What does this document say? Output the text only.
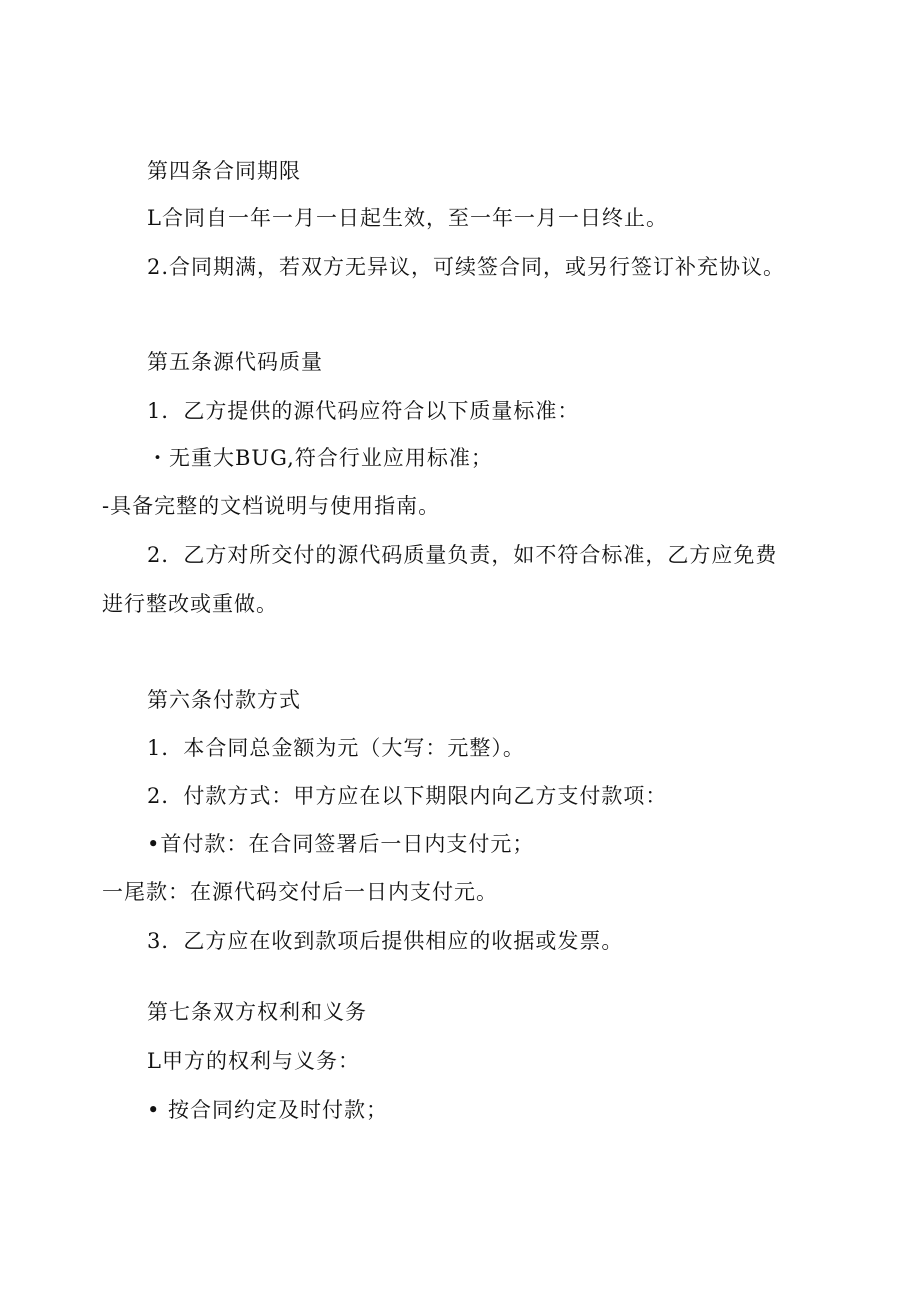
第四条合同期限
L合同自一年一月一日起生效，至一年一月一日终止。
2.合同期满，若双方无异议，可续签合同，或另行签订补充协议。
第五条源代码质量
1．乙方提供的源代码应符合以下质量标准：
・无重大BUG,符合行业应用标准；
-具备完整的文档说明与使用指南。
2．乙方对所交付的源代码质量负责，如不符合标准，乙方应免费
进行整改或重做。
第六条付款方式
1．本合同总金额为元（大写：元整）。
2．付款方式：甲方应在以下期限内向乙方支付款项：
•首付款：在合同签署后一日内支付元；
一尾款：在源代码交付后一日内支付元。
3．乙方应在收到款项后提供相应的收据或发票。
第七条双方权利和义务
L甲方的权利与义务：
• 按合同约定及时付款；
